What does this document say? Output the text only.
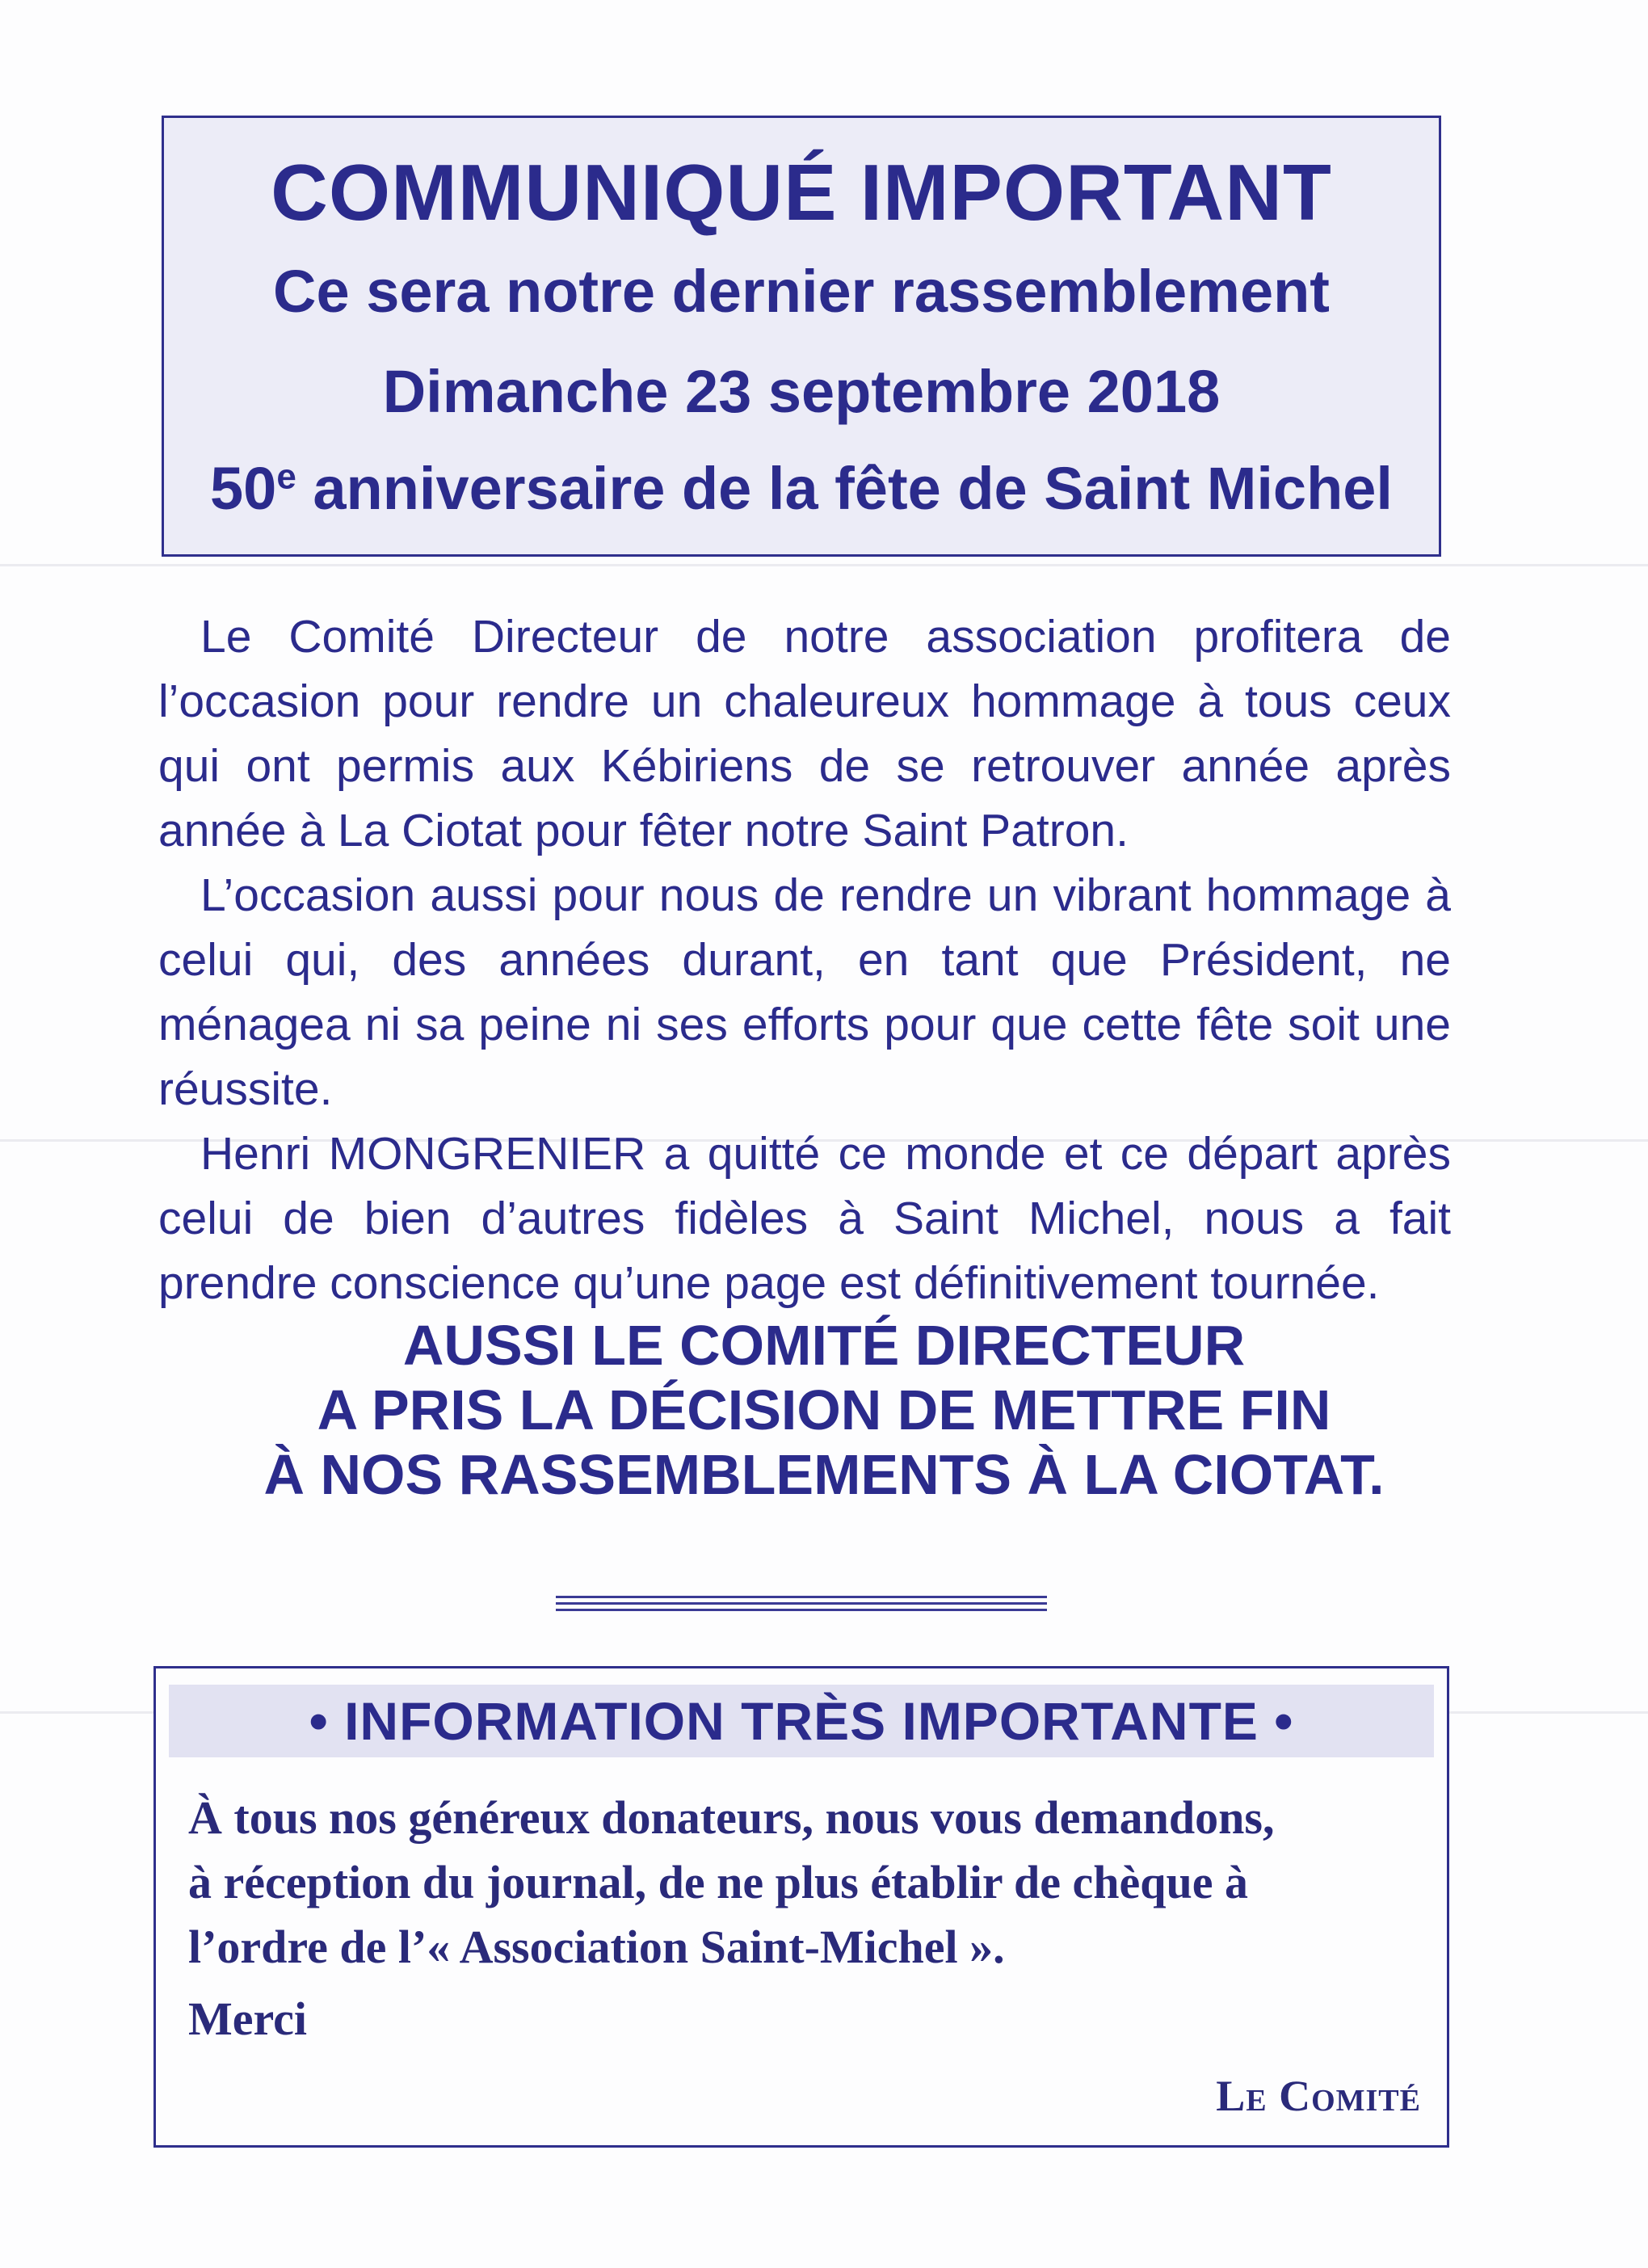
COMMUNIQUÉ IMPORTANT
Ce sera notre dernier rassemblement
Dimanche 23 septembre 2018
50e anniversaire de la fête de Saint Michel

Le Comité Directeur de notre association profitera de l’occasion pour rendre un chaleureux hommage à tous ceux qui ont permis aux Kébiriens de se retrouver année après année à La Ciotat pour fêter notre Saint Patron.

L’occasion aussi pour nous de rendre un vibrant hommage à celui qui, des années durant, en tant que Président, ne ménagea ni sa peine ni ses efforts pour que cette fête soit une réussite.

Henri MONGRENIER a quitté ce monde et ce départ après celui de bien d’autres fidèles à Saint Michel, nous a fait prendre conscience qu’une page est définitivement tournée.

AUSSI LE COMITÉ DIRECTEUR
A PRIS LA DÉCISION DE METTRE FIN
À NOS RASSEMBLEMENTS À LA CIOTAT.
• INFORMATION TRÈS IMPORTANTE •
À tous nos généreux donateurs, nous vous demandons,
à réception du journal, de ne plus établir de chèque à
l’ordre de l’« Association Saint-Michel ».
Merci
Le Comité
